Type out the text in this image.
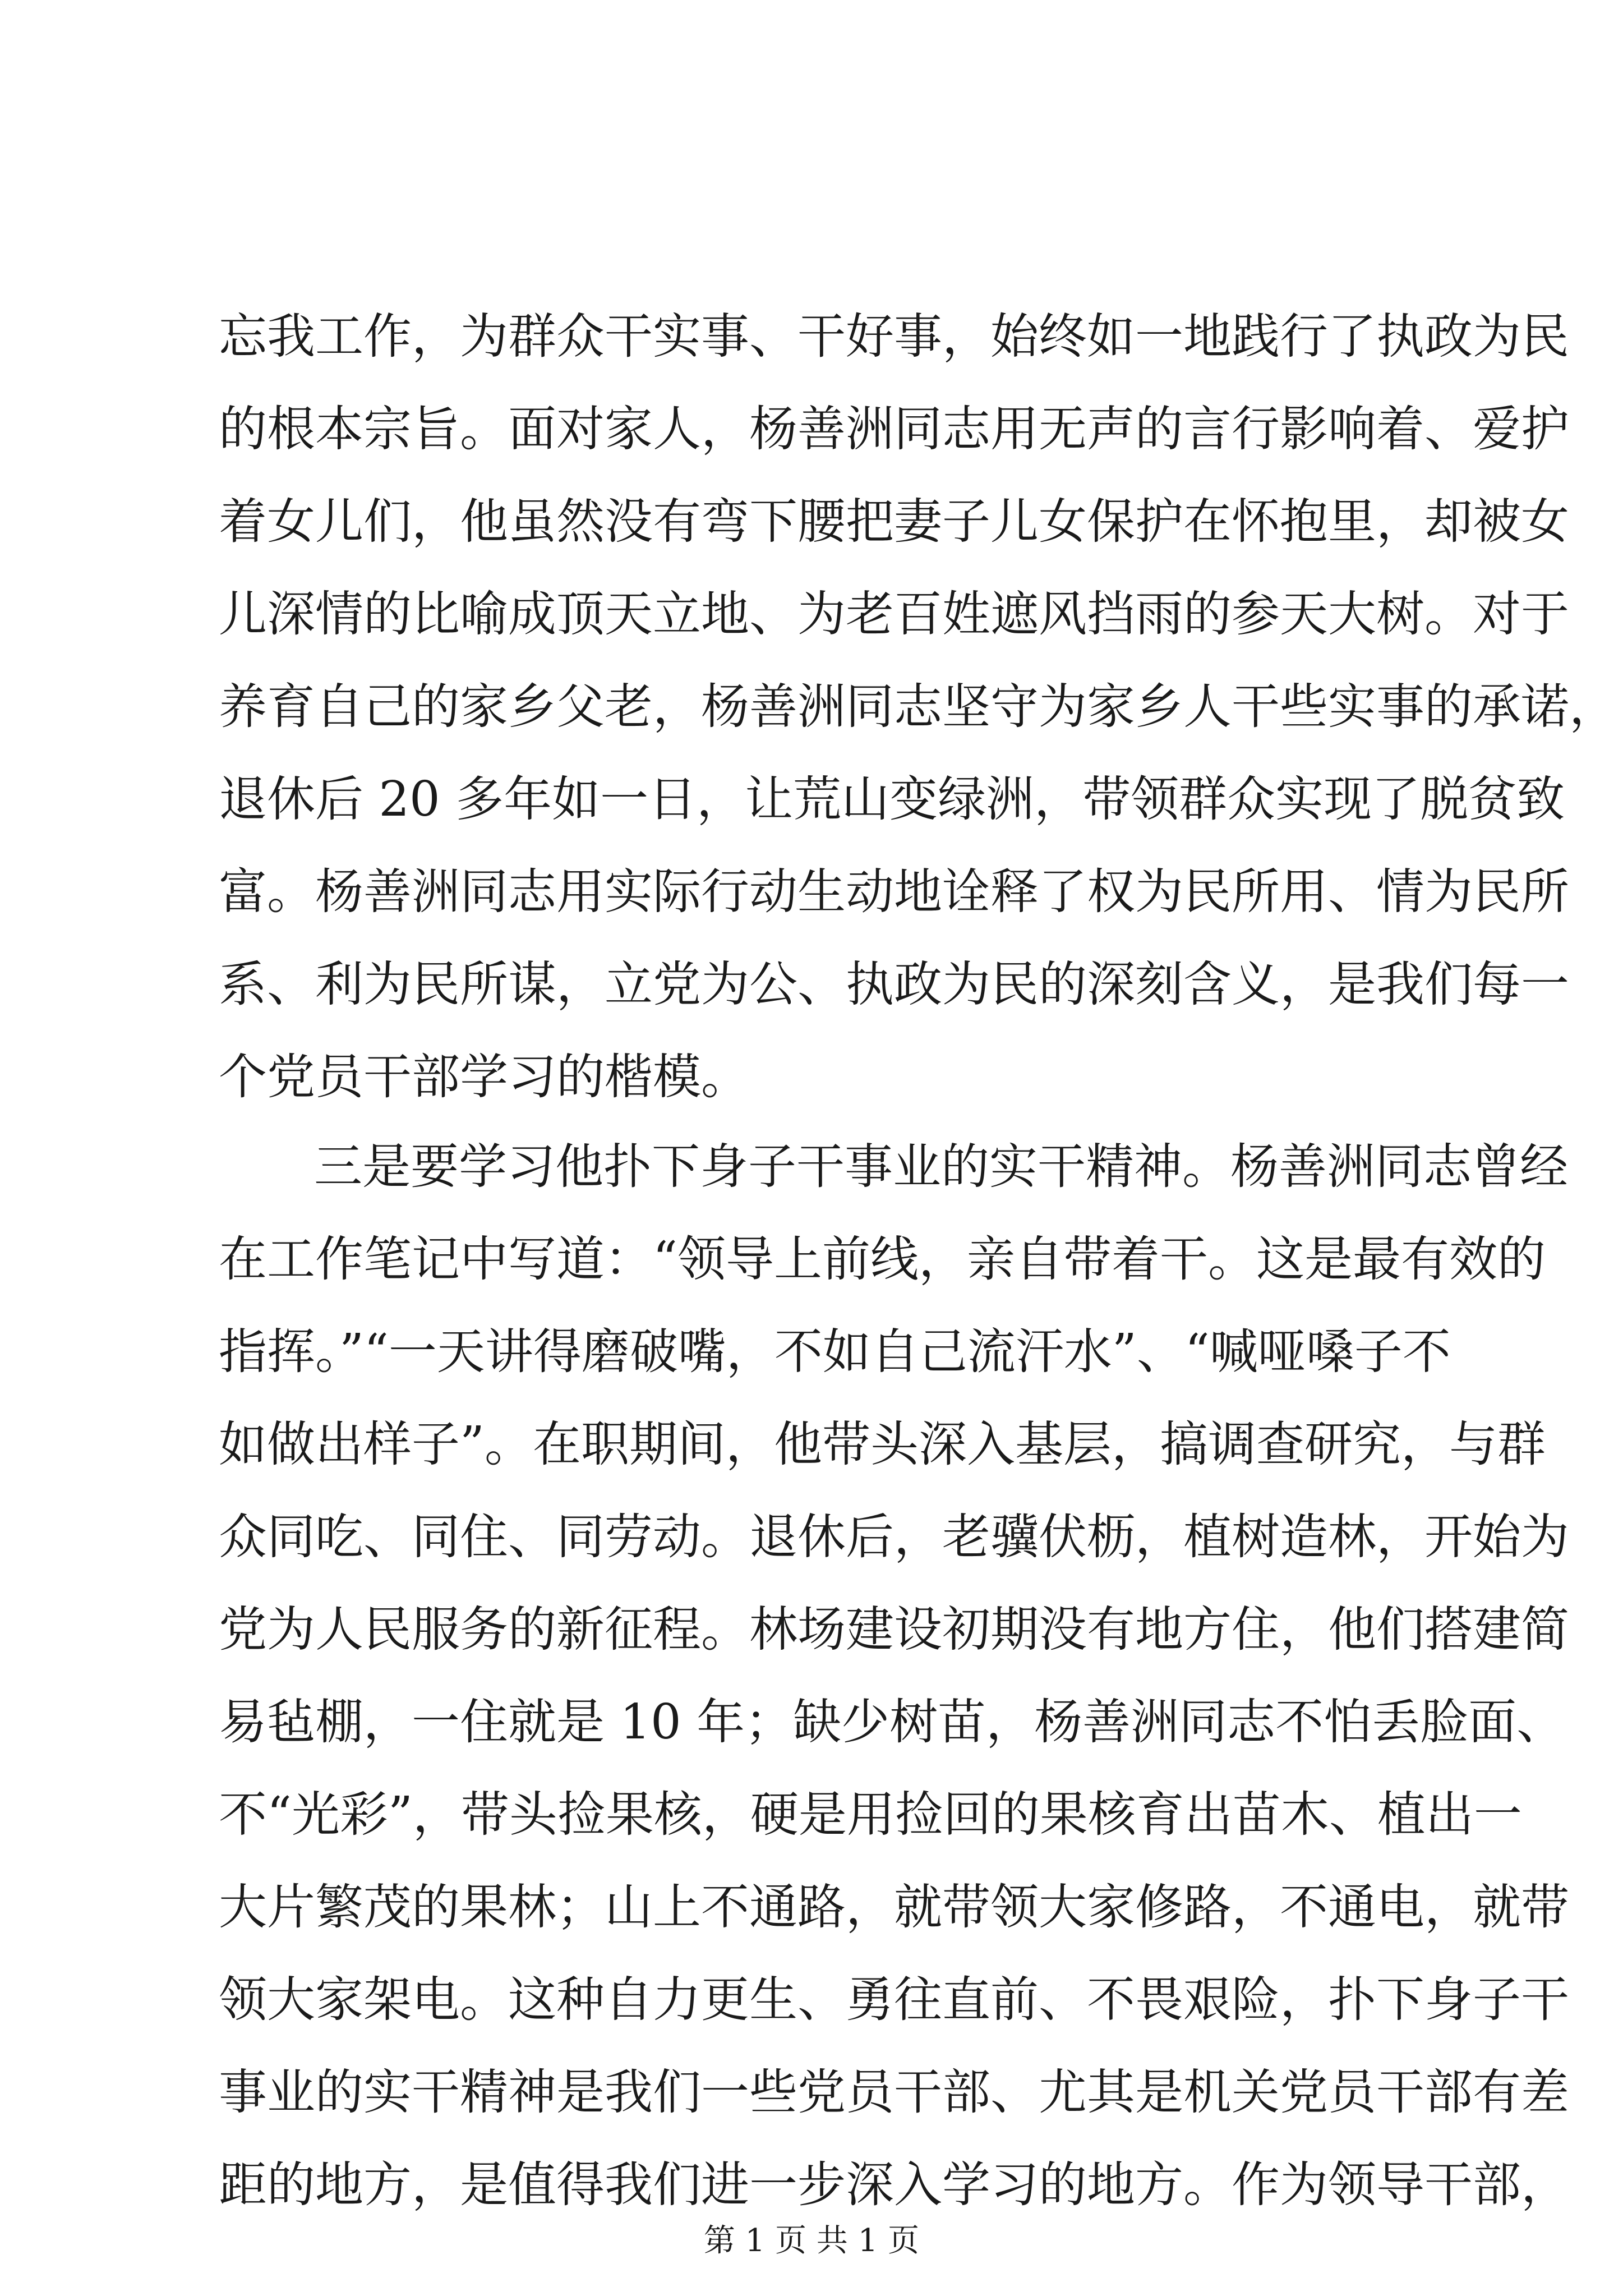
忘我工作，为群众干实事、干好事，始终如一地践行了执政为民
的根本宗旨。面对家人，杨善洲同志用无声的言行影响着、爱护
着女儿们，他虽然没有弯下腰把妻子儿女保护在怀抱里，却被女
儿深情的比喻成顶天立地、为老百姓遮风挡雨的参天大树。对于
养育自己的家乡父老，杨善洲同志坚守为家乡人干些实事的承诺，
退休后 20 多年如一日，让荒山变绿洲，带领群众实现了脱贫致
富。杨善洲同志用实际行动生动地诠释了权为民所用、情为民所
系、利为民所谋，立党为公、执政为民的深刻含义，是我们每一
个党员干部学习的楷模。
三是要学习他扑下身子干事业的实干精神。杨善洲同志曾经
在工作笔记中写道：“领导上前线，亲自带着干。这是最有效的
指挥。”“一天讲得磨破嘴，不如自己流汗水”、“喊哑嗓子不
如做出样子”。在职期间，他带头深入基层，搞调查研究，与群
众同吃、同住、同劳动。退休后，老骥伏枥，植树造林，开始为
党为人民服务的新征程。林场建设初期没有地方住，他们搭建简
易毡棚，一住就是 10 年；缺少树苗，杨善洲同志不怕丢脸面、
不“光彩”，带头捡果核，硬是用捡回的果核育出苗木、植出一
大片繁茂的果林；山上不通路，就带领大家修路，不通电，就带
领大家架电。这种自力更生、勇往直前、不畏艰险，扑下身子干
事业的实干精神是我们一些党员干部、尤其是机关党员干部有差
距的地方，是值得我们进一步深入学习的地方。作为领导干部，
第 1 页 共 1 页
